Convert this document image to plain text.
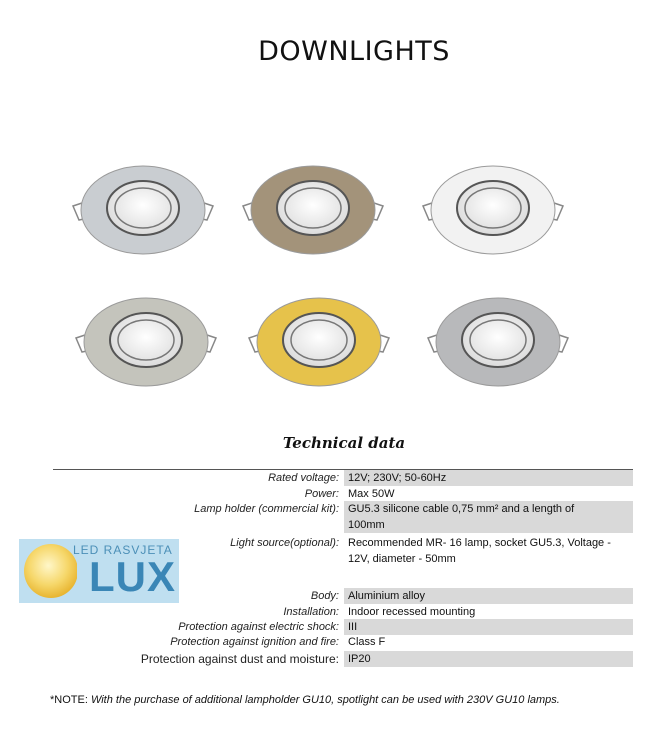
DOWNLIGHTS
Technical data
Rated voltage: 12V; 230V; 50-60Hz
Power: Max 50W
Lamp holder (commercial kit): GU5.3 silicone cable 0,75 mm² and a length of
100mm
Light source(optional): Recommended MR- 16 lamp, socket GU5.3, Voltage -
12V, diameter - 50mm
Body: Aluminium alloy
Installation: Indoor recessed mounting
Protection against electric shock: III
Protection against ignition and fire: Class F
Protection against dust and moisture: IP20
LED RASVJETA
LUX
*NOTE: With the purchase of additional lampholder GU10, spotlight can be used with 230V GU10 lamps.
